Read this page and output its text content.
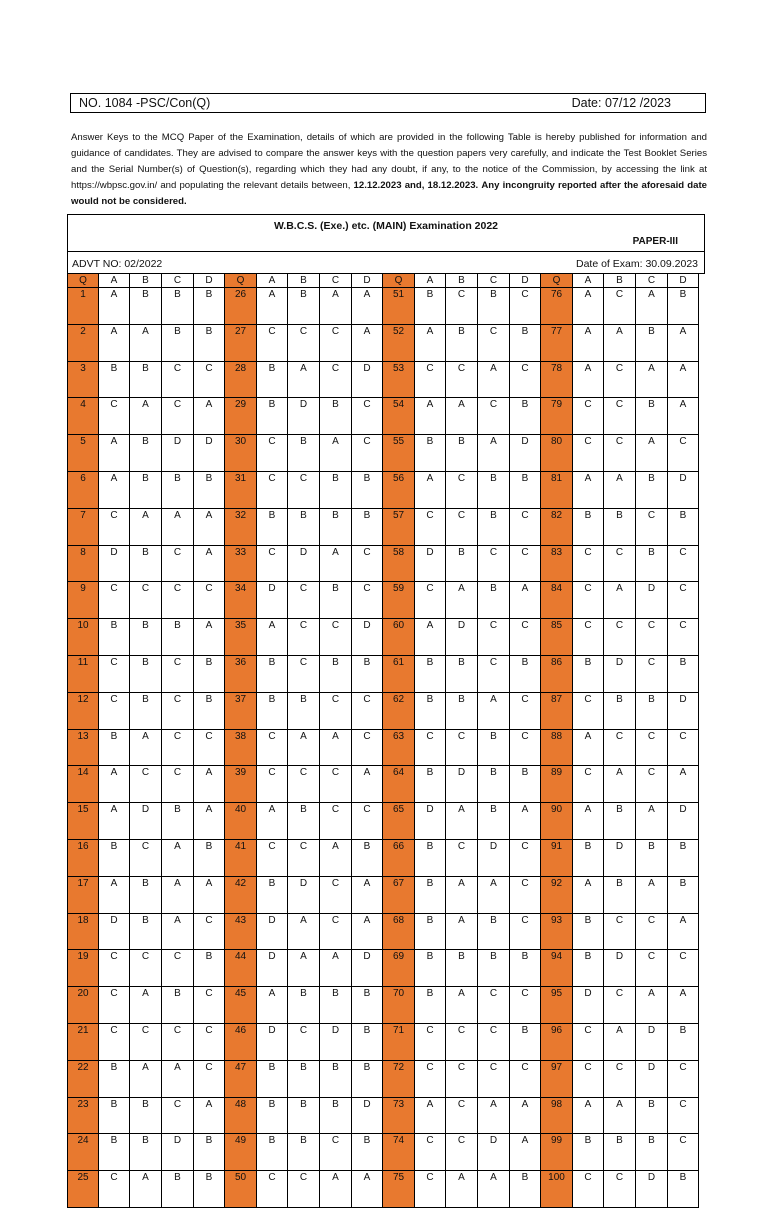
NO. 1084 -PSC/Con(Q)	Date: 07/12 /2023
Answer Keys to the MCQ Paper of the Examination, details of which are provided in the following Table is hereby published for information and guidance of candidates. They are advised to compare the answer keys with the question papers very carefully, and indicate the Test Booklet Series and the Serial Number(s) of Question(s), regarding which they had any doubt, if any, to the notice of the Commission, by accessing the link at https://wbpsc.gov.in/ and populating the relevant details between, 12.12.2023 and, 18.12.2023. Any incongruity reported after the aforesaid date would not be considered.
W.B.C.S. (Exe.) etc. (MAIN) Examination 2022
PAPER-III
ADVT NO: 02/2022	Date of Exam: 30.09.2023
Q	A	B	C	D	Q	A	B	C	D	Q	A	B	C	D	Q	A	B	C	D
1	A	B	B	B	26	A	B	A	A	51	B	C	B	C	76	A	C	A	B
2	A	A	B	B	27	C	C	C	A	52	A	B	C	B	77	A	A	B	A
3	B	B	C	C	28	B	A	C	D	53	C	C	A	C	78	A	C	A	A
4	C	A	C	A	29	B	D	B	C	54	A	A	C	B	79	C	C	B	A
5	A	B	D	D	30	C	B	A	C	55	B	B	A	D	80	C	C	A	C
6	A	B	B	B	31	C	C	B	B	56	A	C	B	B	81	A	A	B	D
7	C	A	A	A	32	B	B	B	B	57	C	C	B	C	82	B	B	C	B
8	D	B	C	A	33	C	D	A	C	58	D	B	C	C	83	C	C	B	C
9	C	C	C	C	34	D	C	B	C	59	C	A	B	A	84	C	A	D	C
10	B	B	B	A	35	A	C	C	D	60	A	D	C	C	85	C	C	C	C
11	C	B	C	B	36	B	C	B	B	61	B	B	C	B	86	B	D	C	B
12	C	B	C	B	37	B	B	C	C	62	B	B	A	C	87	C	B	B	D
13	B	A	C	C	38	C	A	A	C	63	C	C	B	C	88	A	C	C	C
14	A	C	C	A	39	C	C	C	A	64	B	D	B	B	89	C	A	C	A
15	A	D	B	A	40	A	B	C	C	65	D	A	B	A	90	A	B	A	D
16	B	C	A	B	41	C	C	A	B	66	B	C	D	C	91	B	D	B	B
17	A	B	A	A	42	B	D	C	A	67	B	A	A	C	92	A	B	A	B
18	D	B	A	C	43	D	A	C	A	68	B	A	B	C	93	B	C	C	A
19	C	C	C	B	44	D	A	A	D	69	B	B	B	B	94	B	D	C	C
20	C	A	B	C	45	A	B	B	B	70	B	A	C	C	95	D	C	A	A
21	C	C	C	C	46	D	C	D	B	71	C	C	C	B	96	C	A	D	B
22	B	A	A	C	47	B	B	B	B	72	C	C	C	C	97	C	C	D	C
23	B	B	C	A	48	B	B	B	D	73	A	C	A	A	98	A	A	B	C
24	B	B	D	B	49	B	B	C	B	74	C	C	D	A	99	B	B	B	C
25	C	A	B	B	50	C	C	A	A	75	C	A	A	B	100	C	C	D	B
